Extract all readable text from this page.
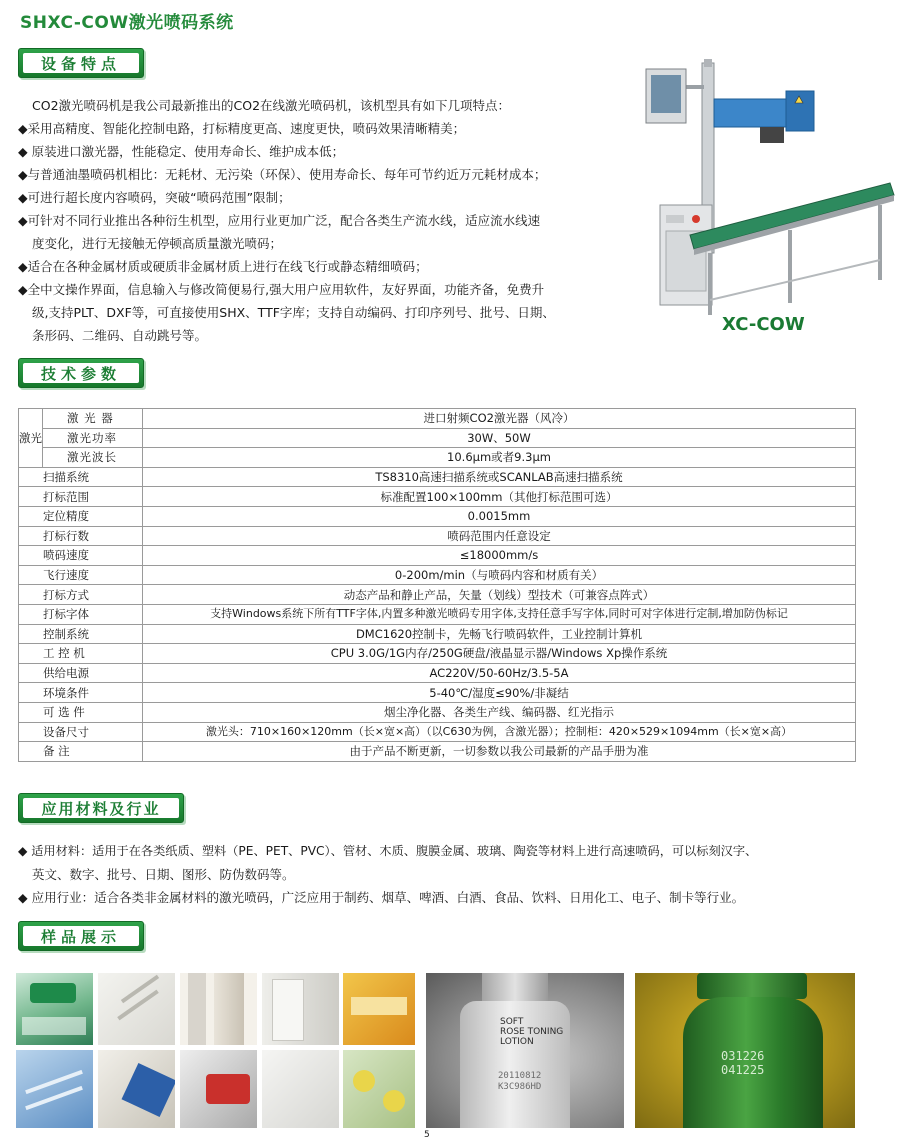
SHXC-COW激光喷码系统
设备特点
CO2激光喷码机是我公司最新推出的CO2在线激光喷码机，该机型具有如下几项特点：
◆采用高精度、智能化控制电路，打标精度更高、速度更快，喷码效果清晰精美；
◆ 原装进口激光器，性能稳定、使用寿命长、维护成本低；
◆与普通油墨喷码机相比：无耗材、无污染（环保）、使用寿命长、每年可节约近万元耗材成本；
◆可进行超长度内容喷码，突破“喷码范围”限制；
◆可针对不同行业推出各种衍生机型，应用行业更加广泛，配合各类生产流水线，适应流水线速
度变化，进行无接触无停顿高质量激光喷码；
◆适合在各种金属材质或硬质非金属材质上进行在线飞行或静态精细喷码；
◆全中文操作界面，信息输入与修改简便易行,强大用户应用软件，友好界面，功能齐备，免费升
级,支持PLT、DXF等，可直接使用SHX、TTF字库；支持自动编码、打印序列号、批号、日期、
条形码、二维码、自动跳号等。
XC-COW
技术参数
激光	激 光 器	进口射频CO2激光器（风冷）
	激光功率	30W、50W
	激光波长	10.6μm或者9.3μm
扫描系统		TS8310高速扫描系统或SCANLAB高速扫描系统
打标范围		标准配置100×100mm（其他打标范围可选）
定位精度		0.0015mm
打标行数		喷码范围内任意设定
喷码速度		≤18000mm/s
飞行速度		0-200m/min（与喷码内容和材质有关）
打标方式		动态产品和静止产品，矢量（划线）型技术（可兼容点阵式）
打标字体		支持Windows系统下所有TTF字体,内置多种激光喷码专用字体,支持任意手写字体,同时可对字体进行定制,增加防伪标记
控制系统		DMC1620控制卡，先畅飞行喷码软件，工业控制计算机
工 控 机		CPU 3.0G/1G内存/250G硬盘/液晶显示器/Windows Xp操作系统
供给电源		AC220V/50-60Hz/3.5-5A
环境条件		5-40℃/湿度≤90%/非凝结
可 选 件		烟尘净化器、各类生产线、编码器、红光指示
设备尺寸		激光头：710×160×120mm（长×宽×高）（以C630为例，含激光器）；控制柜：420×529×1094mm（长×宽×高）
备 注		由于产品不断更新，一切参数以我公司最新的产品手册为准
应用材料及行业
◆ 适用材料：适用于在各类纸质、塑料（PE、PET、PVC）、管材、木质、腹膜金属、玻璃、陶瓷等材料上进行高速喷码，可以标刻汉字、
英文、数字、批号、日期、图形、防伪数码等。
◆ 应用行业：适合各类非金属材料的激光喷码，广泛应用于制药、烟草、啤酒、白酒、食品、饮料、日用化工、电子、制卡等行业。
样品展示
SOFT
ROSE TONING
LOTION
20110812
K3C986HD
031226
041225
5
